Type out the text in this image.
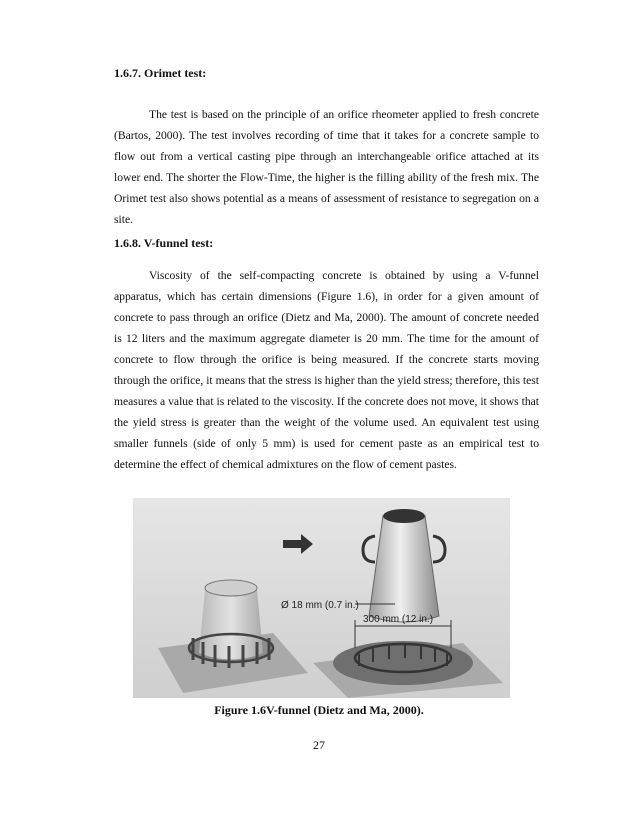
1.6.7. Orimet test:

The test is based on the principle of an orifice rheometer applied to fresh concrete (Bartos, 2000). The test involves recording of time that it takes for a concrete sample to flow out from a vertical casting pipe through an interchangeable orifice attached at its lower end. The shorter the Flow-Time, the higher is the filling ability of the fresh mix. The Orimet test also shows potential as a means of assessment of resistance to segregation on a site.

1.6.8. V-funnel test:

Viscosity of the self-compacting concrete is obtained by using a V-funnel apparatus, which has certain dimensions (Figure 1.6), in order for a given amount of concrete to pass through an orifice (Dietz and Ma, 2000). The amount of concrete needed is 12 liters and the maximum aggregate diameter is 20 mm. The time for the amount of concrete to flow through the orifice is being measured. If the concrete starts moving through the orifice, it means that the stress is higher than the yield stress; therefore, this test measures a value that is related to the viscosity. If the concrete does not move, it shows that the yield stress is greater than the weight of the volume used. An equivalent test using smaller funnels (side of only 5 mm) is used for cement paste as an empirical test to determine the effect of chemical admixtures on the flow of cement pastes.

300 mm (12 in.)
Ø 18 mm (0.7 in.)
Figure 1.6V-funnel (Dietz and Ma, 2000).
27
